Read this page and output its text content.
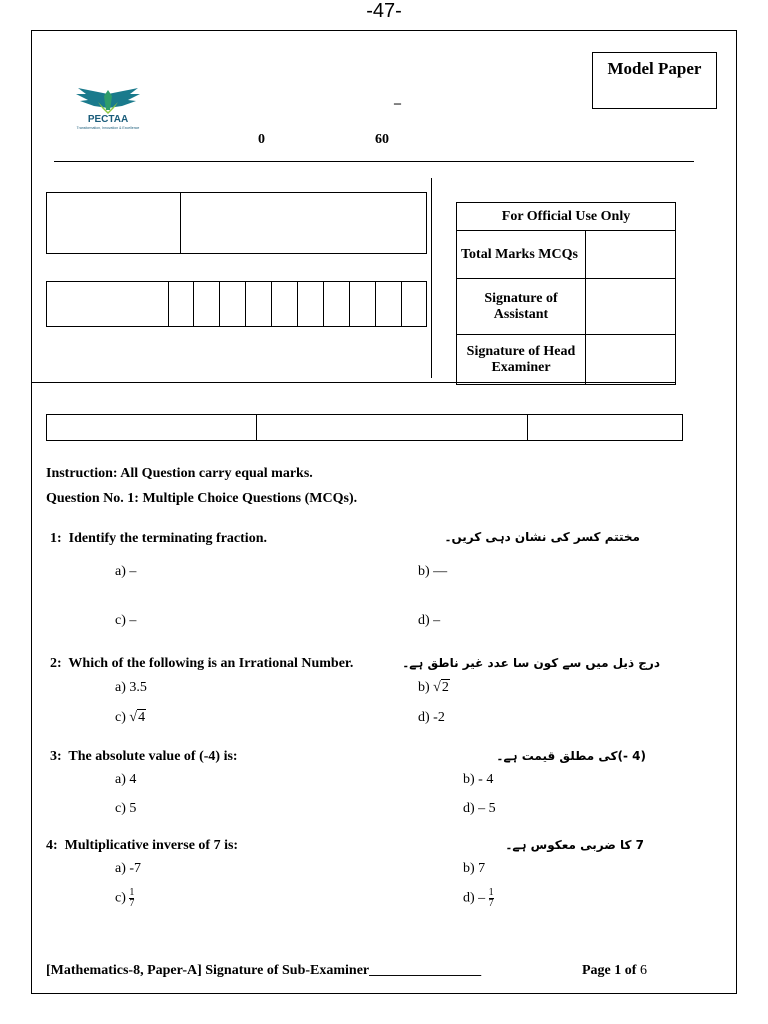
-47-
Model Paper
PECTAA
Transformation, Innovation & Excellence
–
0	60
For Official Use Only	
Total Marks MCQs	
Signature of Assistant	
Signature of Head Examiner	
Instruction: All Question carry equal marks.
Question No. 1: Multiple Choice Questions (MCQs).
1: Identify the terminating fraction.	مختتم کسر کی نشان دہی کریں۔
a) –	b) —
c) –	d) –
2: Which of the following is an Irrational Number.	درج ذیل میں سے کون سا عدد غیر ناطق ہے۔
a) 3.5	b) √2
c) √4	d) -2
3: The absolute value of (-4) is:	(4 -)کی مطلق قیمت ہے۔
a) 4	b) - 4
c) 5	d) – 5
4: Multiplicative inverse of 7 is:	7 کا ضربی معکوس ہے۔
a) -7	b) 7
$c) \frac{1}{7}$	$d) - \frac{1}{7}$
[Mathematics-8, Paper-A] Signature of Sub-Examiner________________	Page 1 of 6
